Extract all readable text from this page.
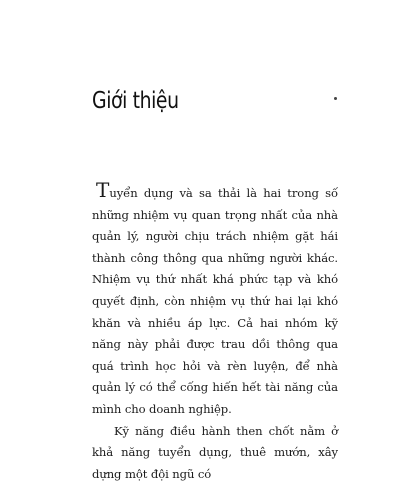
Giới thiệu

Tuyển dụng và sa thải là hai trong số những nhiệm vụ quan trọng nhất của nhà quản lý, người chịu trách nhiệm gặt hái thành công thông qua những người khác. Nhiệm vụ thứ nhất khá phức tạp và khó quyết định, còn nhiệm vụ thứ hai lại khó khăn và nhiều áp lực. Cả hai nhóm kỹ năng này phải được trau dồi thông qua quá trình học hỏi và rèn luyện, để nhà quản lý có thể cống hiến hết tài năng của mình cho doanh nghiệp.

Kỹ năng điều hành then chốt nằm ở khả năng tuyển dụng, thuê mướn, xây dựng một đội ngũ có
